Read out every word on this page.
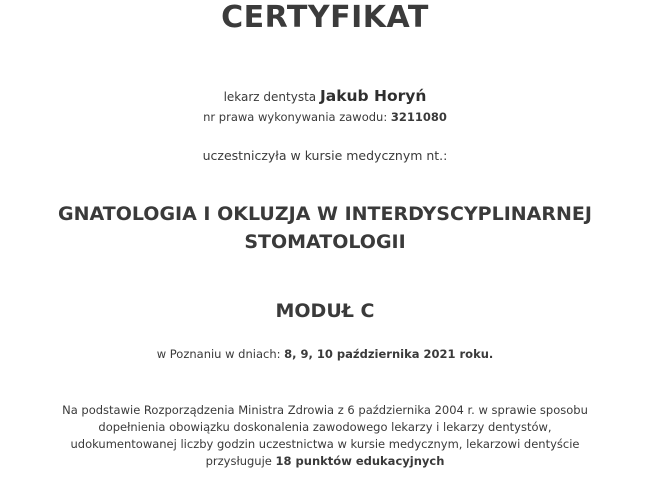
CERTYFIKAT
lekarz dentysta Jakub Horyń
nr prawa wykonywania zawodu: 3211080
uczestniczyła w kursie medycznym nt.:
GNATOLOGIA I OKLUZJA W INTERDYSCYPLINARNEJ
STOMATOLOGII
MODUŁ C
w Poznaniu w dniach: 8, 9, 10 października 2021 roku.
Na podstawie Rozporządzenia Ministra Zdrowia z 6 października 2004 r. w sprawie sposobu
dopełnienia obowiązku doskonalenia zawodowego lekarzy i lekarzy dentystów,
udokumentowanej liczby godzin uczestnictwa w kursie medycznym, lekarzowi dentyście
przysługuje 18 punktów edukacyjnych
